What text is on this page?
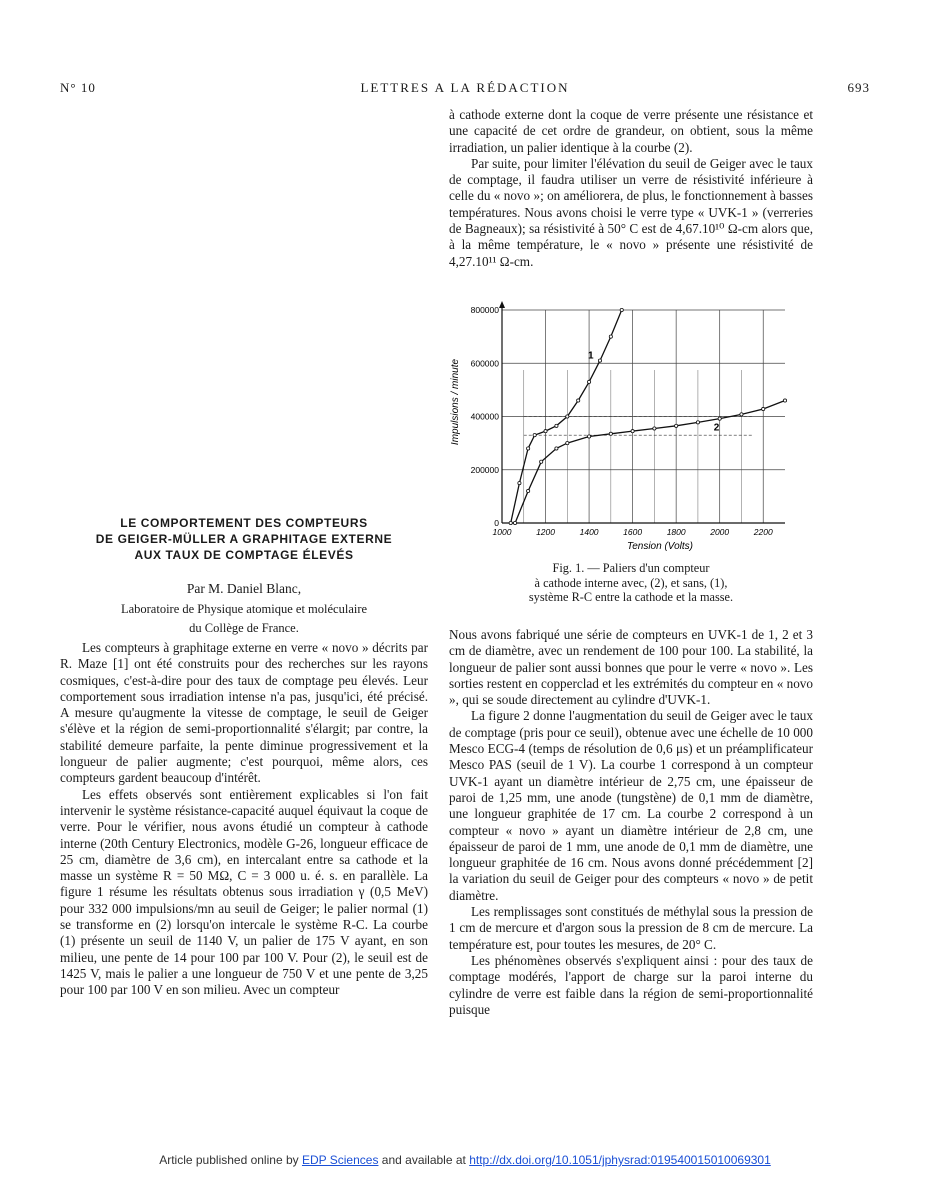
N° 10	LETTRES A LA RÉDACTION	693

à cathode externe dont la coque de verre présente une résistance et une capacité de cet ordre de grandeur, on obtient, sous la même irradiation, un palier identique à la courbe (2).

Par suite, pour limiter l'élévation du seuil de Geiger avec le taux de comptage, il faudra utiliser un verre de résistivité inférieure à celle du « novo »; on améliorera, de plus, le fonctionnement à basses températures. Nous avons choisi le verre type « UVK-1 » (verreries de Bagneaux); sa résistivité à 50° C est de 4,67.10¹⁰ Ω-cm alors que, à la même température, le « novo » présente une résistivité de 4,27.10¹¹ Ω-cm.

1000	1200	1400	1600	1800	2000	2200
0
200000
400000
600000
800000
1
2
Tension (Volts)
Impulsions / minute
Fig. 1. — Paliers d'un compteur
à cathode interne avec, (2), et sans, (1),
système R-C entre la cathode et la masse.
LE COMPORTEMENT DES COMPTEURS
DE GEIGER-MÜLLER A GRAPHITAGE EXTERNE
AUX TAUX DE COMPTAGE ÉLEVÉS
Par M. Daniel Blanc,
Laboratoire de Physique atomique et moléculaire
du Collège de France.

Les compteurs à graphitage externe en verre « novo » décrits par R. Maze [1] ont été construits pour des recherches sur les rayons cosmiques, c'est-à-dire pour des taux de comptage peu élevés. Leur comportement sous irradiation intense n'a pas, jusqu'ici, été précisé. A mesure qu'augmente la vitesse de comptage, le seuil de Geiger s'élève et la région de semi-proportionnalité s'élargit; par contre, la stabilité demeure parfaite, la pente diminue progressivement et la longueur de palier augmente; c'est pourquoi, même alors, ces compteurs gardent beaucoup d'intérêt.

Les effets observés sont entièrement explicables si l'on fait intervenir le système résistance-capacité auquel équivaut la coque de verre. Pour le vérifier, nous avons étudié un compteur à cathode interne (20th Century Electronics, modèle G-26, longueur efficace de 25 cm, diamètre de 3,6 cm), en intercalant entre sa cathode et la masse un système R = 50 MΩ, C = 3 000 u. é. s. en parallèle. La figure 1 résume les résultats obtenus sous irradiation γ (0,5 MeV) pour 332 000 impulsions/mn au seuil de Geiger; le palier normal (1) se transforme en (2) lorsqu'on intercale le système R-C. La courbe (1) présente un seuil de 1140 V, un palier de 175 V ayant, en son milieu, une pente de 14 pour 100 par 100 V. Pour (2), le seuil est de 1425 V, mais le palier a une longueur de 750 V et une pente de 3,25 pour 100 par 100 V en son milieu. Avec un compteur

Nous avons fabriqué une série de compteurs en UVK-1 de 1, 2 et 3 cm de diamètre, avec un rendement de 100 pour 100. La stabilité, la longueur de palier sont aussi bonnes que pour le verre « novo ». Les sorties restent en copperclad et les extrémités du compteur en « novo », qui se soude directement au cylindre d'UVK-1.

La figure 2 donne l'augmentation du seuil de Geiger avec le taux de comptage (pris pour ce seuil), obtenue avec une échelle de 10 000 Mesco ECG-4 (temps de résolution de 0,6 μs) et un préamplificateur Mesco PAS (seuil de 1 V). La courbe 1 correspond à un compteur UVK-1 ayant un diamètre intérieur de 2,75 cm, une épaisseur de paroi de 1,25 mm, une anode (tungstène) de 0,1 mm de diamètre, une longueur graphitée de 17 cm. La courbe 2 correspond à un compteur « novo » ayant un diamètre intérieur de 2,8 cm, une épaisseur de paroi de 1 mm, une anode de 0,1 mm de diamètre, une longueur graphitée de 16 cm. Nous avons donné précédemment [2] la variation du seuil de Geiger pour des compteurs « novo » de petit diamètre.

Les remplissages sont constitués de méthylal sous la pression de 1 cm de mercure et d'argon sous la pression de 8 cm de mercure. La température est, pour toutes les mesures, de 20° C.

Les phénomènes observés s'expliquent ainsi : pour des taux de comptage modérés, l'apport de charge sur la paroi interne du cylindre de verre est faible dans la région de semi-proportionnalité puisque

Article published online by EDP Sciences and available at http://dx.doi.org/10.1051/jphysrad:019540015010069301
